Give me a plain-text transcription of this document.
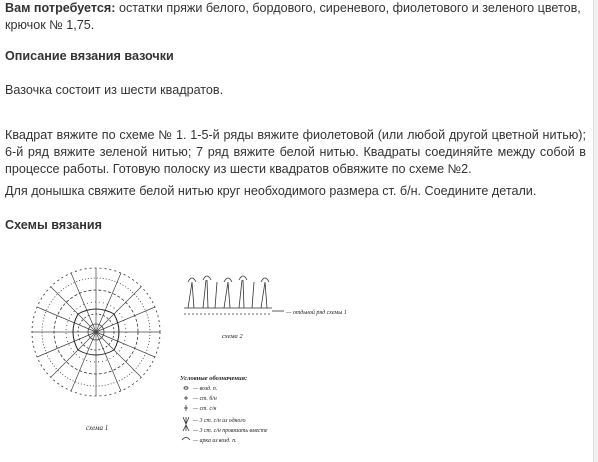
Вам потребуется: остатки пряжи белого, бордового, сиреневого, фиолетового и зеленого цветов,
крючок № 1,75.

Описание вязания вазочки

Вазочка состоит из шести квадратов.

Квадрат вяжите по схеме № 1. 1-5-й ряды вяжите фиолетовой (или любой другой цветной нитью); 6-й ряд вяжите зеленой нитью; 7 ряд вяжите белой нитью. Квадраты соединяйте между собой в процессе работы. Готовую полоску из шести квадратов обвяжите по схеме №2.

Для донышка свяжите белой нитью круг необходимого размера ст. б/н. Соедините детали.

Схемы вязания

схема 1
— отдьной ряд схемы 1
схема 2
Условные обозначения:
— возд. п.
— ст. б/н
— ст. с/н
— 3 ст. с/н из одного
— 3 ст. с/н провязать вместе
— арка из возд. п.
